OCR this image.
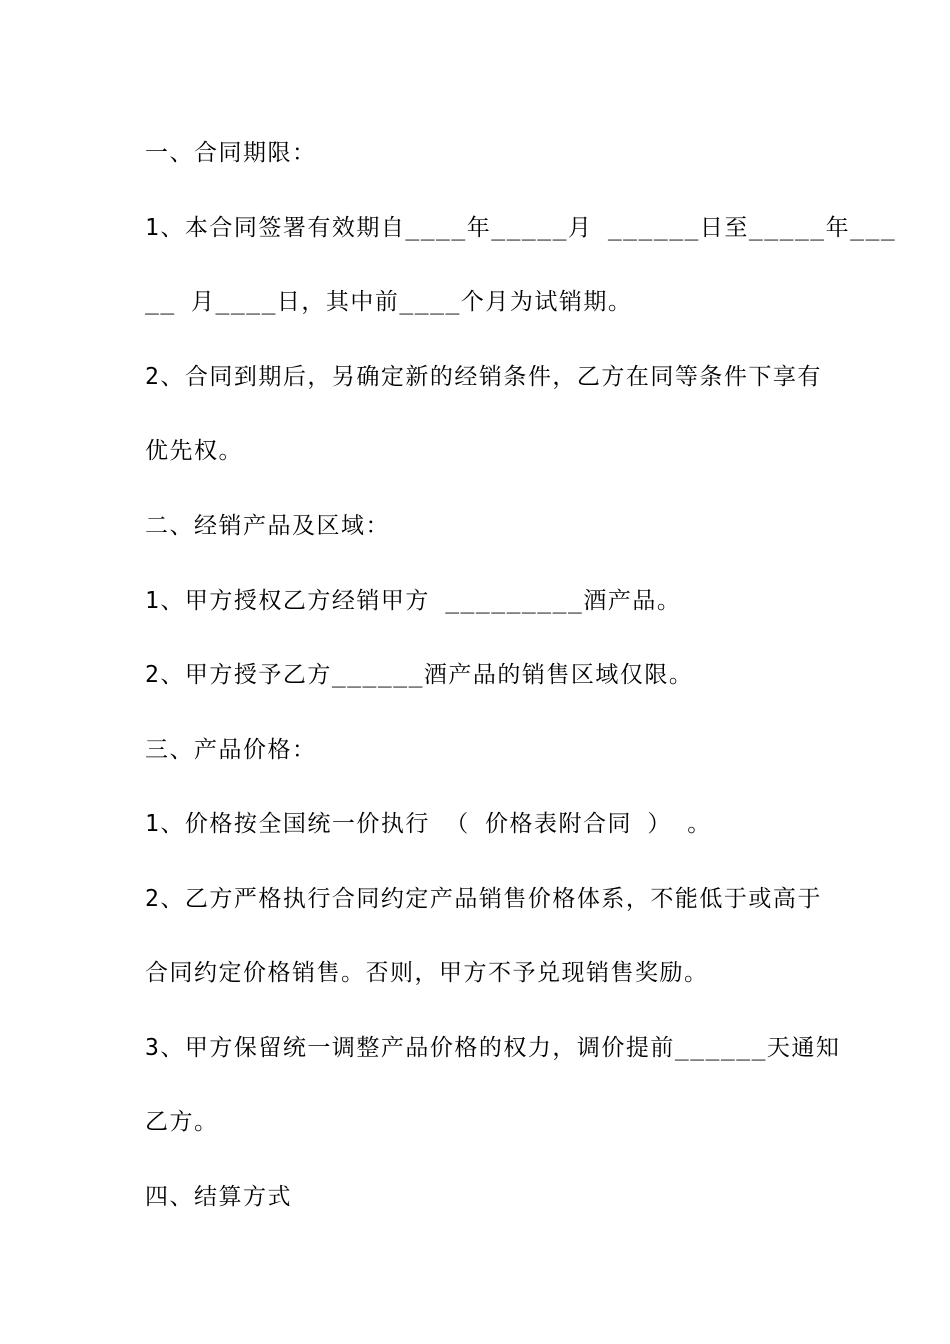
一、合同期限：
1、本合同签署有效期自____年_____月 ______日至_____年___
__ 月____日，其中前____个月为试销期。
2、合同到期后，另确定新的经销条件，乙方在同等条件下享有
优先权。
二、经销产品及区域：
1、甲方授权乙方经销甲方 _________酒产品。
2、甲方授予乙方______酒产品的销售区域仅限。
三、产品价格：
1、价格按全国统一价执行 （ 价格表附合同 ） 。
2、乙方严格执行合同约定产品销售价格体系，不能低于或高于
合同约定价格销售。否则，甲方不予兑现销售奖励。
3、甲方保留统一调整产品价格的权力，调价提前______天通知
乙方。
四、结算方式
